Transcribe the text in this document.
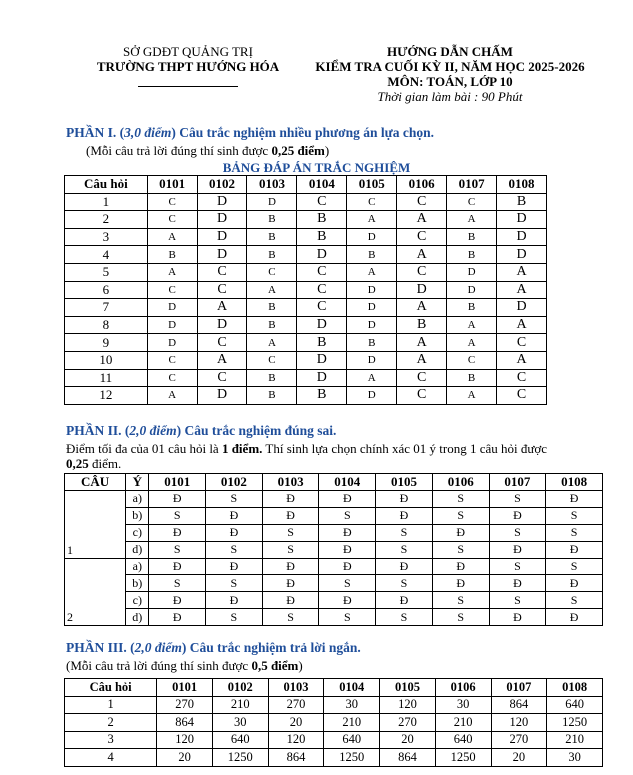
SỞ GDĐT QUẢNG TRỊ
TRƯỜNG THPT HƯỚNG HÓA
HƯỚNG DẪN CHẤM
KIỂM TRA CUỐI KỲ II, NĂM HỌC 2025-2026
MÔN: TOÁN, LỚP 10
Thời gian làm bài : 90 Phút
PHẦN I. (3,0 điểm) Câu trắc nghiệm nhiều phương án lựa chọn.
(Mỗi câu trả lời đúng thí sinh được 0,25 điểm)
BẢNG ĐÁP ÁN TRẮC NGHIỆM
Câu hỏi	0101	0102	0103	0104	0105	0106	0107	0108
1	C	D	D	C	C	C	C	B
2	C	D	B	B	A	A	A	D
3	A	D	B	B	D	C	B	D
4	B	D	B	D	B	A	B	D
5	A	C	C	C	A	C	D	A
6	C	C	A	C	D	D	D	A
7	D	A	B	C	D	A	B	D
8	D	D	B	D	D	B	A	A
9	D	C	A	B	B	A	A	C
10	C	A	C	D	D	A	C	A
11	C	C	B	D	A	C	B	C
12	A	D	B	B	D	C	A	C
PHẦN II. (2,0 điểm) Câu trắc nghiệm đúng sai.
Điểm tối đa của 01 câu hỏi là 1 điểm. Thí sinh lựa chọn chính xác 01 ý trong 1 câu hỏi được
0,25 điểm.
CÂU	Ý	0101	0102	0103	0104	0105	0106	0107	0108
1	a)	Đ	S	Đ	Đ	Đ	S	S	Đ
	b)	S	Đ	Đ	S	Đ	S	Đ	S
	c)	Đ	Đ	S	Đ	S	Đ	S	S
	d)	S	S	S	Đ	S	S	Đ	Đ
2	a)	Đ	Đ	Đ	Đ	Đ	Đ	S	S
	b)	S	S	Đ	S	S	Đ	Đ	Đ
	c)	Đ	Đ	Đ	Đ	Đ	S	S	S
	d)	Đ	S	S	S	S	S	Đ	Đ
PHẦN III. (2,0 điểm) Câu trắc nghiệm trả lời ngắn.
(Mỗi câu trả lời đúng thí sinh được 0,5 điểm)
Câu hỏi	0101	0102	0103	0104	0105	0106	0107	0108
1	270	210	270	30	120	30	864	640
2	864	30	20	210	270	210	120	1250
3	120	640	120	640	20	640	270	210
4	20	1250	864	1250	864	1250	20	30
